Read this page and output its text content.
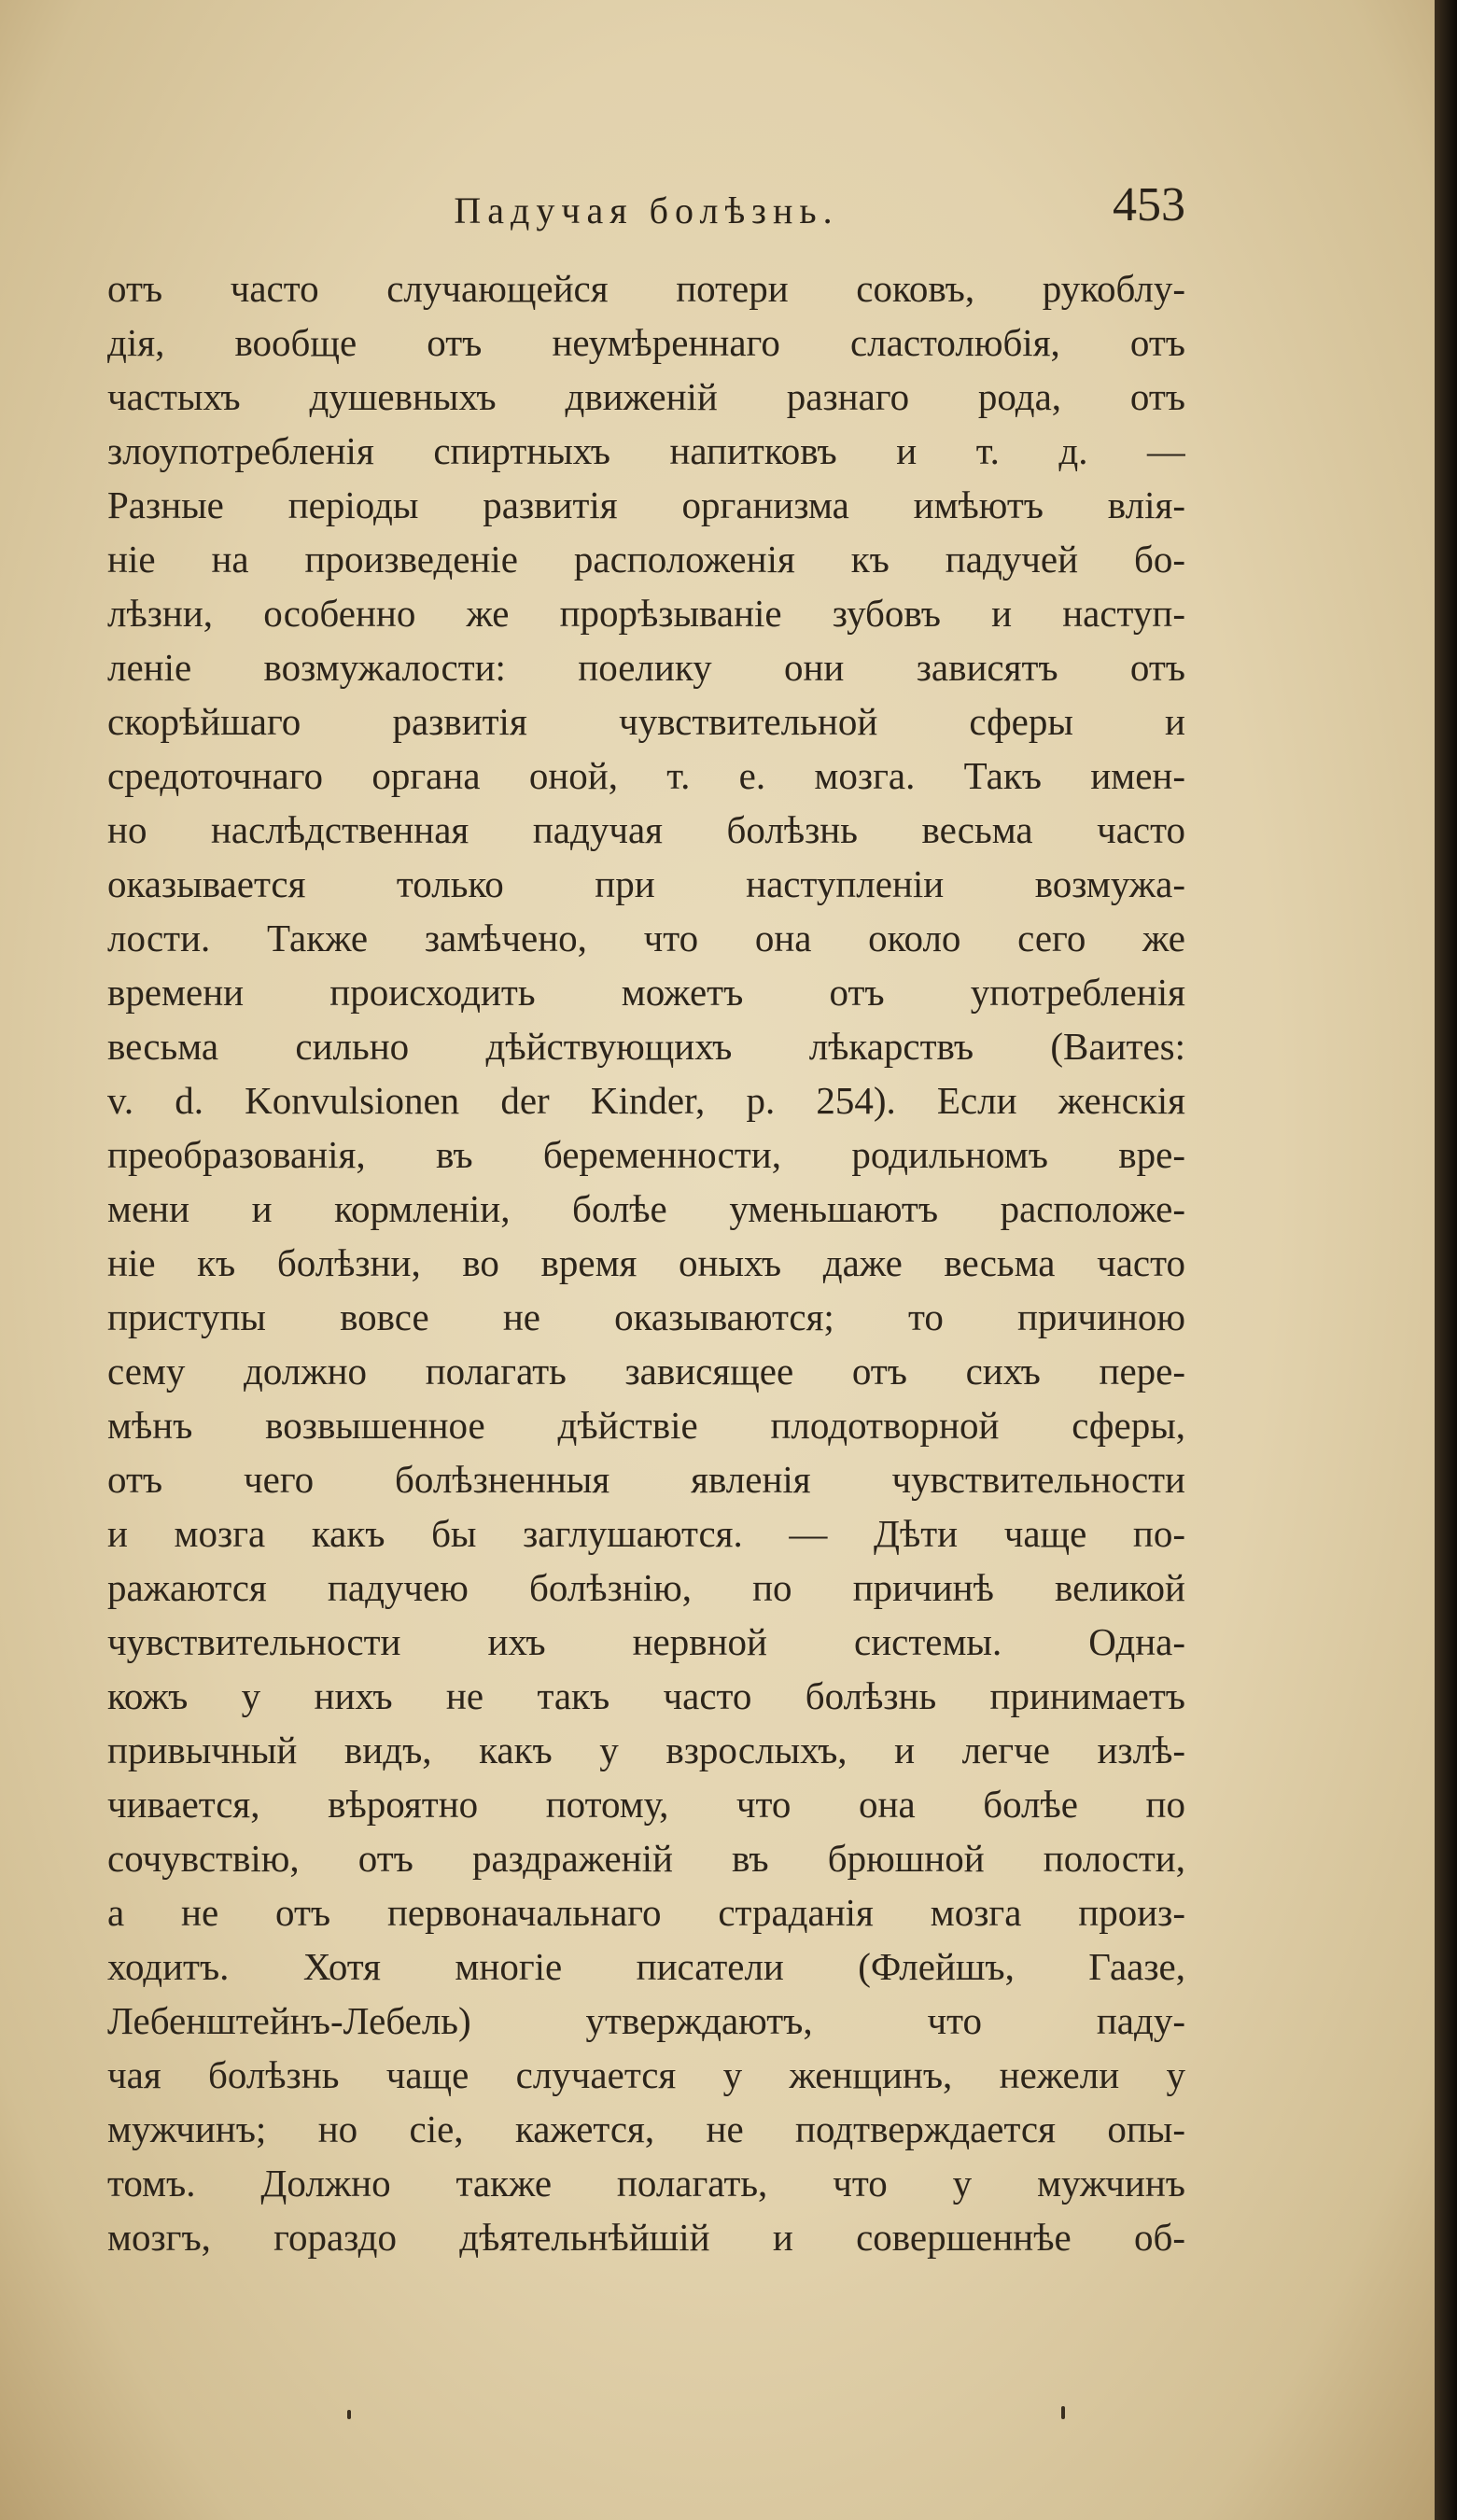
Падучая болѣзнь.	453
отъ часто случающейся потери соковъ, рукоблу-
дія, вообще отъ неумѣреннаго сластолюбія, отъ
частыхъ душевныхъ движеній разнаго рода, отъ
злоупотребленія спиртныхъ напитковъ и т. д. —
Разные періоды развитія организма имѣютъ влія-
ніе на произведеніе расположенія къ падучей бо-
лѣзни, особенно же прорѣзываніе зубовъ и наступ-
леніе возмужалости: поелику они зависятъ отъ
скорѣйшаго развитія чувствительной сферы и
средоточнаго органа оной, т. е. мозга. Такъ имен-
но наслѣдственная падучая болѣзнь весьма часто
оказывается только при наступленіи возмужа-
лости. Также замѣчено, что она около сего же
времени происходить можетъ отъ употребленія
весьма сильно дѣйствующихъ лѣкарствъ (Ваитеs:
v. d. Konvulsionen der Kinder, p. 254). Если женскія
преобразованія, въ беременности, родильномъ вре-
мени и кормленіи, болѣе уменьшаютъ расположе-
ніе къ болѣзни, во время оныхъ даже весьма часто
приступы вовсе не оказываются; то причиною
сему должно полагать зависящее отъ сихъ пере-
мѣнъ возвышенное дѣйствіе плодотворной сферы,
отъ чего болѣзненныя явленія чувствительности
и мозга какъ бы заглушаются. — Дѣти чаще по-
ражаются падучею болѣзнію, по причинѣ великой
чувствительности ихъ нервной системы. Одна-
кожъ у нихъ не такъ часто болѣзнь принимаетъ
привычный видъ, какъ у взрослыхъ, и легче излѣ-
чивается, вѣроятно потому, что она болѣе по
сочувствію, отъ раздраженій въ брюшной полости,
а не отъ первоначальнаго страданія мозга произ-
ходитъ. Хотя многіе писатели (Флейшъ, Гаазе,
Лебенштейнъ-Лебель) утверждаютъ, что паду-
чая болѣзнь чаще случается у женщинъ, нежели у
мужчинъ; но сіе, кажется, не подтверждается опы-
томъ. Должно также полагать, что у мужчинъ
мозгъ, гораздо дѣятельнѣйшій и совершеннѣе об-
